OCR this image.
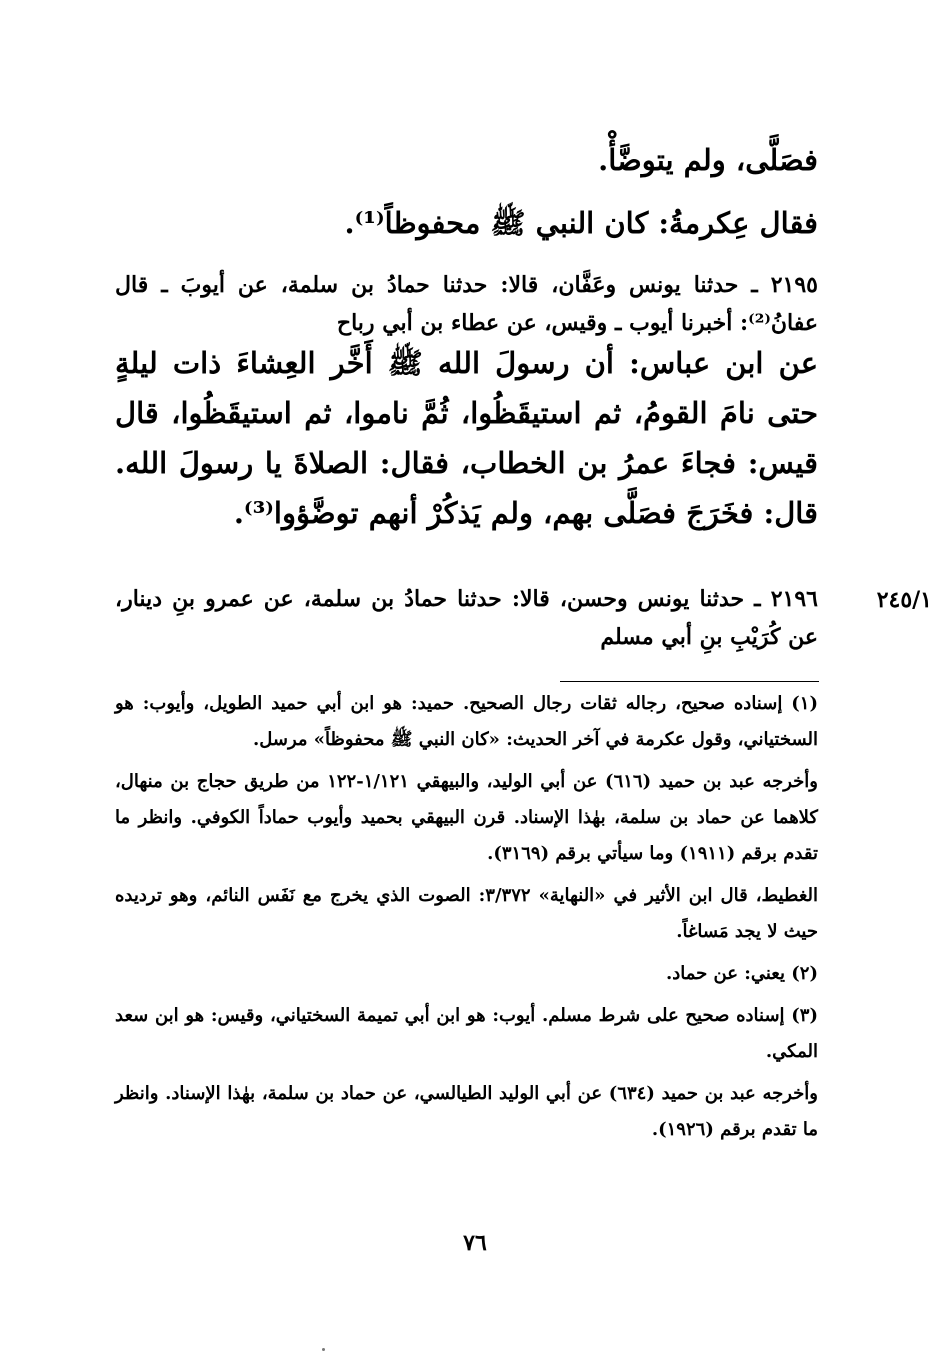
فصَلَّى، ولم يتوضَّأْ.
فقال عِكرمةُ: كان النبي ﷺ محفوظاً⁽¹⁾.
٢١٩٥ ـ حدثنا يونس وعَفَّان، قالا: حدثنا حمادُ بن سلمة، عن أيوبَ ـ قال عفانُ⁽²⁾: أخبرنا أيوب ـ وقيس، عن عطاء بن أبي رباح
عن ابن عباس: أن رسولَ الله ﷺ أَخَّر العِشاءَ ذات ليلةٍ حتى نامَ القومُ، ثم استيقَظُوا، ثُمَّ ناموا، ثم استيقَظُوا، قال قيس: فجاءَ عمرُ بن الخطاب، فقال: الصلاةَ يا رسولَ الله. قال: فخَرَجَ فصَلَّى بهم، ولم يَذكُرْ أنهم توضَّؤوا⁽³⁾.
٢٤٥/١
٢١٩٦ ـ حدثنا يونس وحسن، قالا: حدثنا حمادُ بن سلمة، عن عمرو بنِ دينار، عن كُرَيْبِ بنِ أبي مسلم

(١) إسناده صحيح، رجاله ثقات رجال الصحيح. حميد: هو ابن أبي حميد الطويل، وأيوب: هو السختياني، وقول عكرمة في آخر الحديث: «كان النبي ﷺ محفوظاً» مرسل.

وأخرجه عبد بن حميد (٦١٦) عن أبي الوليد، والبيهقي ١/١٢١-١٢٢ من طريق حجاج بن منهال، كلاهما عن حماد بن سلمة، بهٰذا الإسناد. قرن البيهقي بحميد وأيوب حماداً الكوفي. وانظر ما تقدم برقم (١٩١١) وما سيأتي برقم (٣١٦٩).

الغطيط، قال ابن الأثير في «النهاية» ٣/٣٧٢: الصوت الذي يخرج مع نَفَس النائم، وهو ترديده حيث لا يجد مَساغاً.

(٢) يعني: عن حماد.

(٣) إسناده صحيح على شرط مسلم. أيوب: هو ابن أبي تميمة السختياني، وقيس: هو ابن سعد المكي.

وأخرجه عبد بن حميد (٦٣٤) عن أبي الوليد الطيالسي، عن حماد بن سلمة، بهٰذا الإسناد. وانظر ما تقدم برقم (١٩٢٦).

٧٦
